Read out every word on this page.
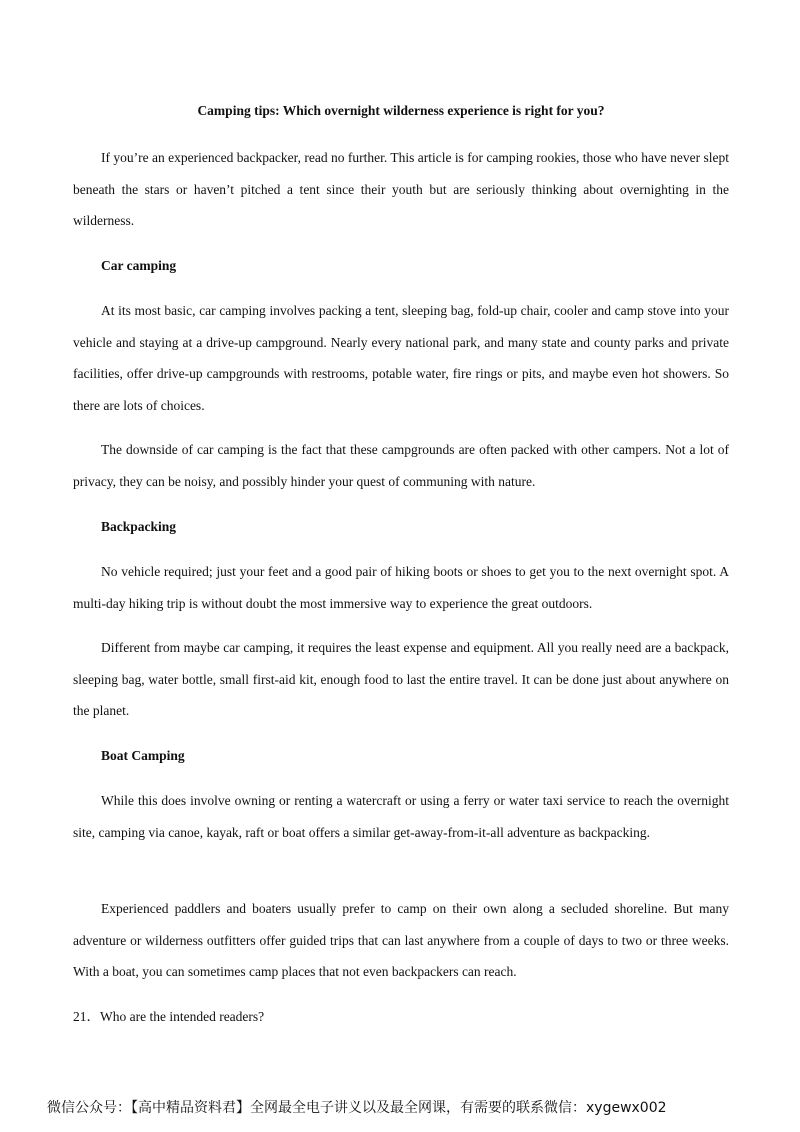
Camping tips: Which overnight wilderness experience is right for you?

If you’re an experienced backpacker, read no further. This article is for camping rookies, those who have never slept beneath the stars or haven’t pitched a tent since their youth but are seriously thinking about overnighting in the wilderness.

Car camping

At its most basic, car camping involves packing a tent, sleeping bag, fold-up chair, cooler and camp stove into your vehicle and staying at a drive-up campground. Nearly every national park, and many state and county parks and private facilities, offer drive-up campgrounds with restrooms, potable water, fire rings or pits, and maybe even hot showers. So there are lots of choices.

The downside of car camping is the fact that these campgrounds are often packed with other campers. Not a lot of privacy, they can be noisy, and possibly hinder your quest of communing with nature.

Backpacking

No vehicle required; just your feet and a good pair of hiking boots or shoes to get you to the next overnight spot. A multi-day hiking trip is without doubt the most immersive way to experience the great outdoors.

Different from maybe car camping, it requires the least expense and equipment. All you really need are a backpack, sleeping bag, water bottle, small first-aid kit, enough food to last the entire travel. It can be done just about anywhere on the planet.

Boat Camping

While this does involve owning or renting a watercraft or using a ferry or water taxi service to reach the overnight site, camping via canoe, kayak, raft or boat offers a similar get-away-from-it-all adventure as backpacking.

Experienced paddlers and boaters usually prefer to camp on their own along a secluded shoreline. But many adventure or wilderness outfitters offer guided trips that can last anywhere from a couple of days to two or three weeks. With a boat, you can sometimes camp places that not even backpackers can reach.

21．Who are the intended readers?

微信公众号：【高中精品资料君】全网最全电子讲义以及最全网课，有需要的联系微信：xygewx002
